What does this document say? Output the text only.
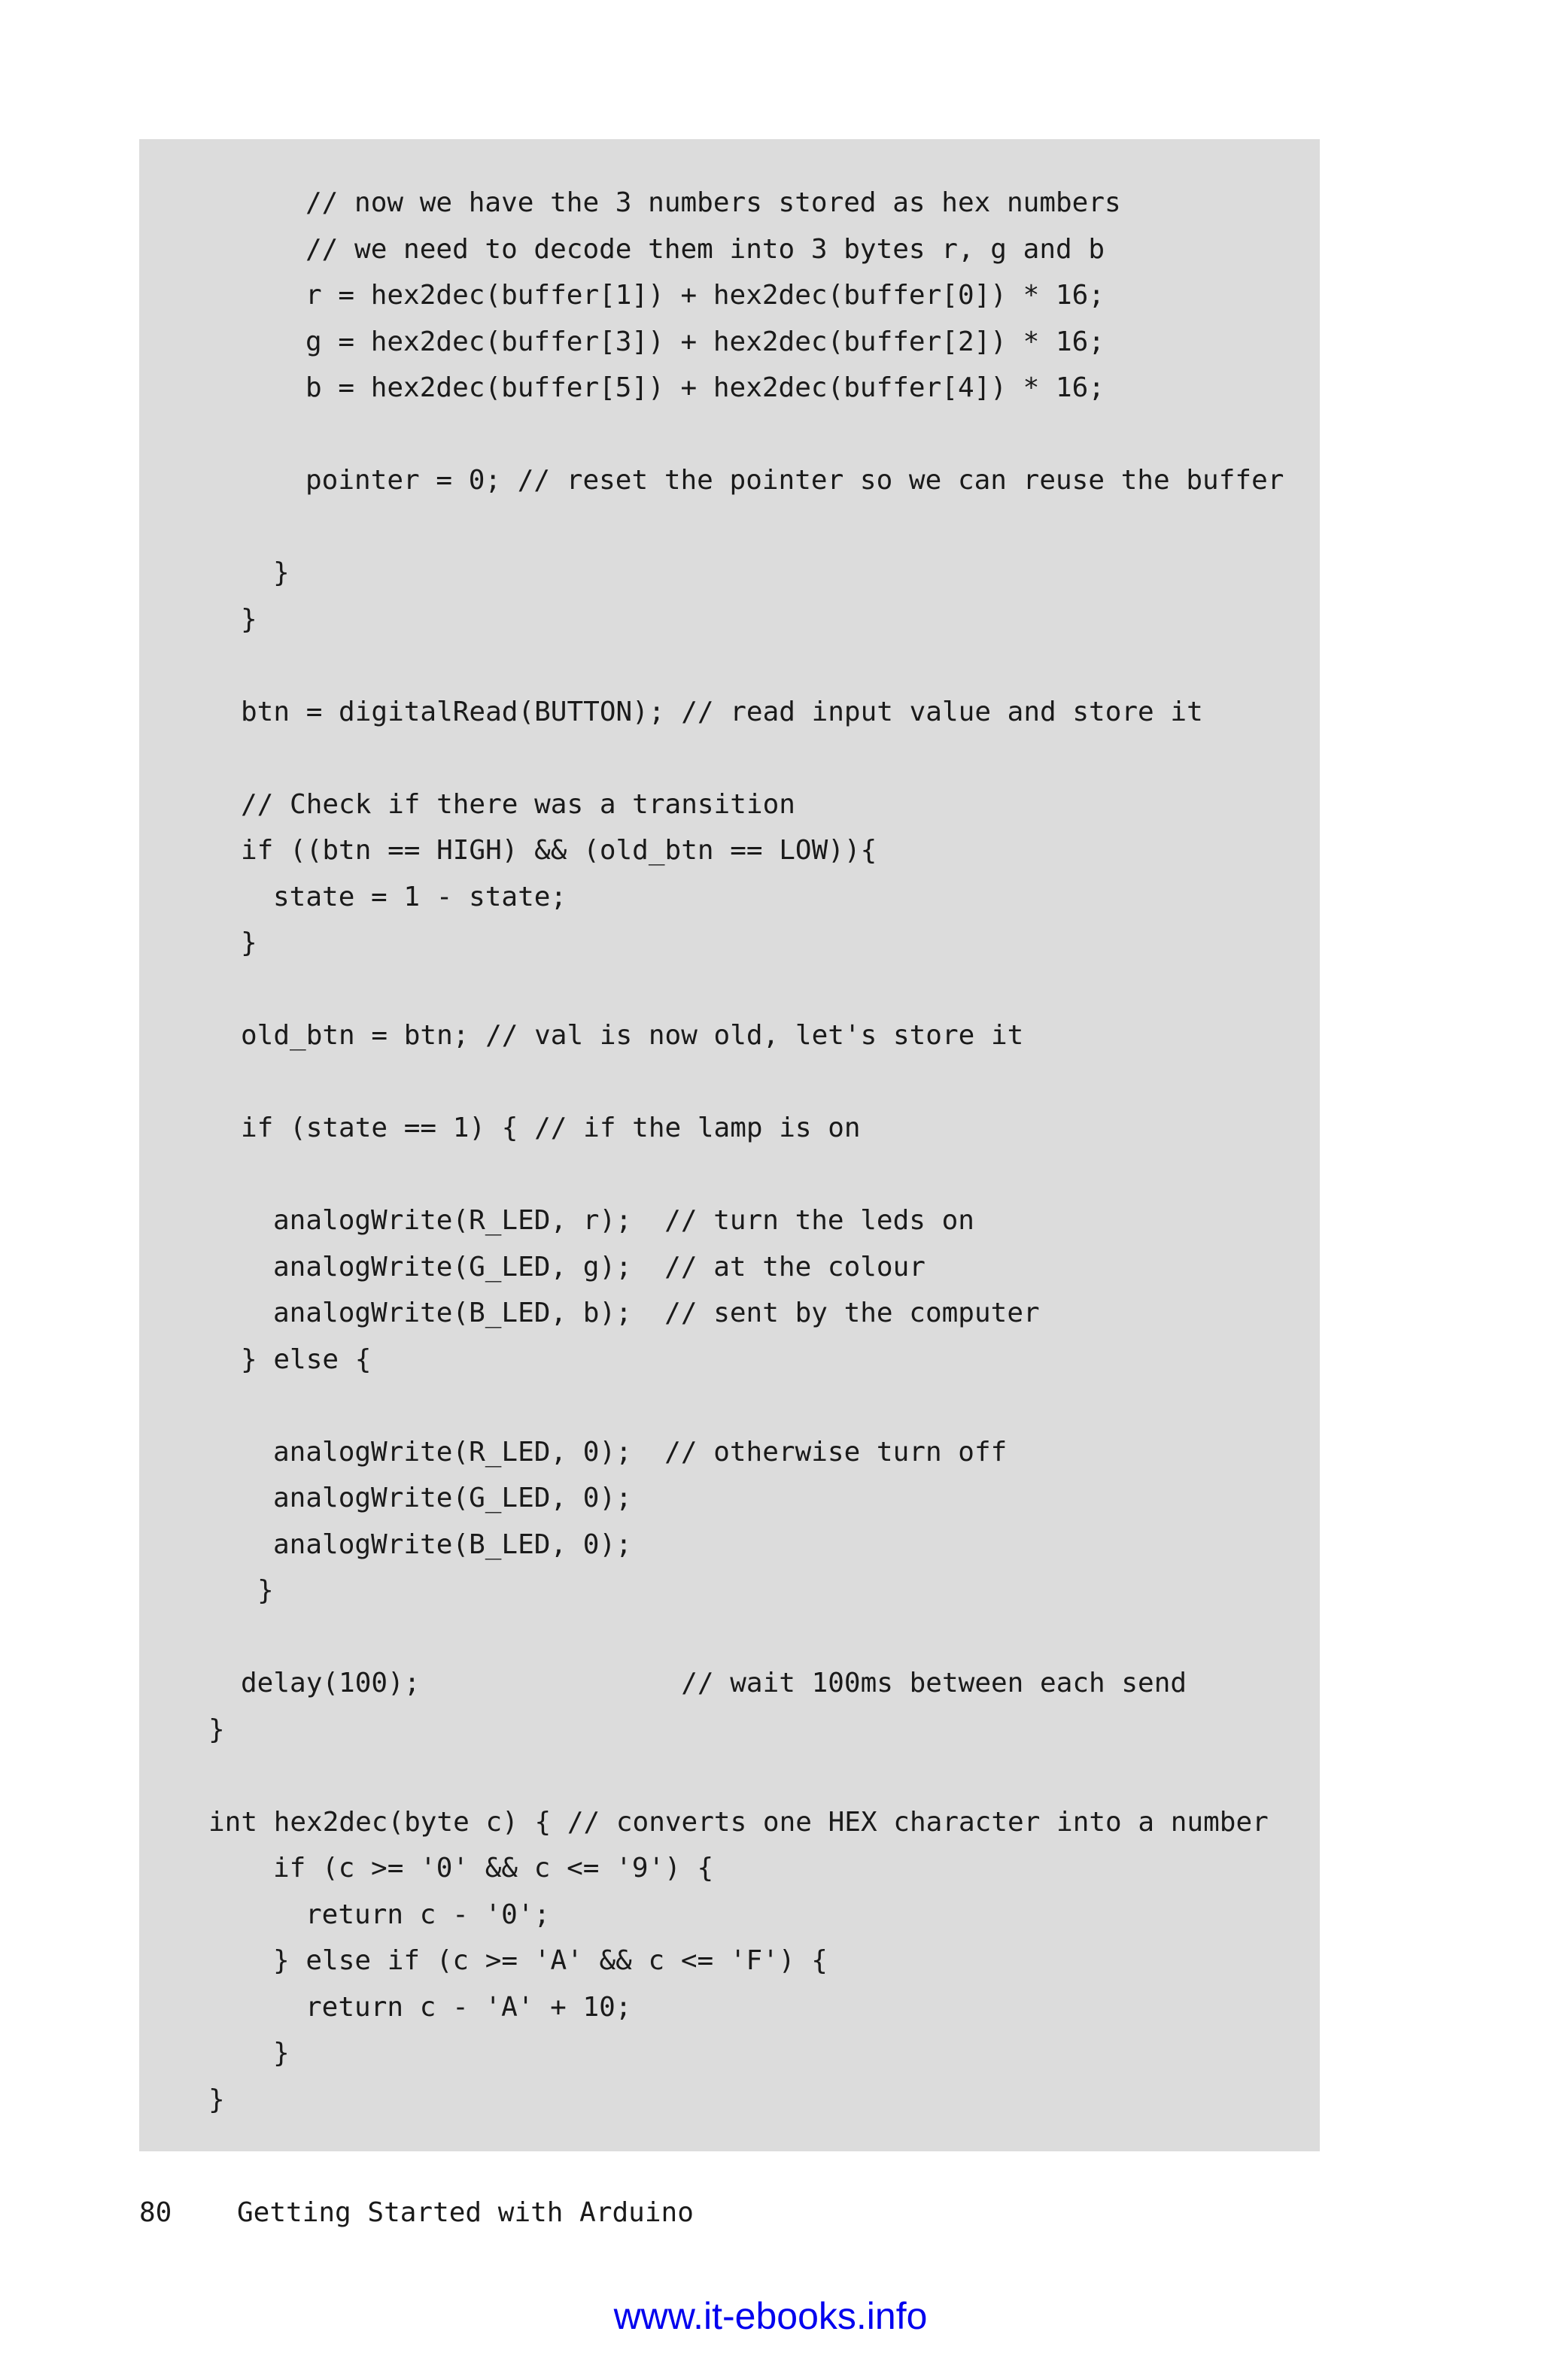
// now we have the 3 numbers stored as hex numbers
// we need to decode them into 3 bytes r, g and b
r = hex2dec(buffer[1]) + hex2dec(buffer[0]) * 16;
g = hex2dec(buffer[3]) + hex2dec(buffer[2]) * 16;
b = hex2dec(buffer[5]) + hex2dec(buffer[4]) * 16;
pointer = 0; // reset the pointer so we can reuse the buffer
}
}
btn = digitalRead(BUTTON); // read input value and store it
// Check if there was a transition
if ((btn == HIGH) && (old_btn == LOW)){
state = 1 - state;
}
old_btn = btn; // val is now old, let's store it
if (state == 1) { // if the lamp is on
analogWrite(R_LED, r);  // turn the leds on
analogWrite(G_LED, g);  // at the colour
analogWrite(B_LED, b);  // sent by the computer
} else {
analogWrite(R_LED, 0);  // otherwise turn off
analogWrite(G_LED, 0);
analogWrite(B_LED, 0);
}
delay(100);                // wait 100ms between each send
}
int hex2dec(byte c) { // converts one HEX character into a number
if (c >= '0' && c <= '9') {
return c - '0';
} else if (c >= 'A' && c <= 'F') {
return c - 'A' + 10;
}
}
80 Getting Started with Arduino
www.it-ebooks.info
